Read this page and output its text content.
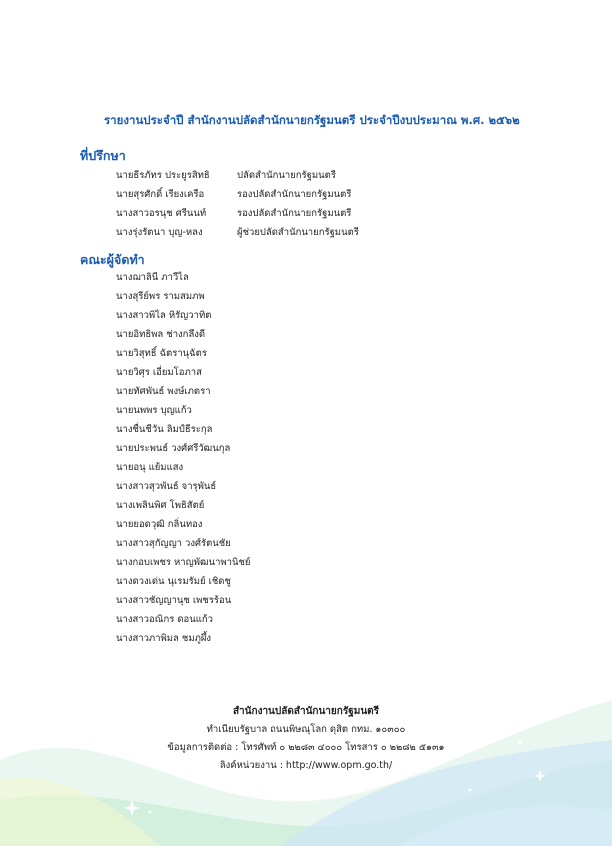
รายงานประจำปี สำนักงานปลัดสำนักนายกรัฐมนตรี ประจำปีงบประมาณ พ.ศ. ๒๕๖๒
ที่ปรึกษา
นายธีรภัทร ประยูรสิทธิ	ปลัดสำนักนายกรัฐมนตรี
นายสุรศักดิ์ เรียงเครือ	รองปลัดสำนักนายกรัฐมนตรี
นางสาวอรนุช ศรีนนท์	รองปลัดสำนักนายกรัฐมนตรี
นางรุ่งรัตนา บุญ-หลง	ผู้ช่วยปลัดสำนักนายกรัฐมนตรี
คณะผู้จัดทำ
นางฌาลินี ภาวีไล
นางสุรีย์พร รามสมภพ
นางสาวพิไล หิรัญวาทิต
นายอิทธิพล ช่างกลึงดี
นายวิสุทธิ์ ฉัตรานุฉัตร
นายวิศุร เอี่ยมโอภาส
นายทัศพันธ์ พงษ์เภตรา
นายนพพร บุญแก้ว
นางชื่นชีวัน ลิมป์ธีระกุล
นายประพนธ์ วงศ์ศรีวัฒนกุล
นายอนุ แย้มแสง
นางสาวสุวพันธ์ จารุพันธ์
นางเพลินพิศ โพธิสัตย์
นายยอดวุฒิ กลิ่นทอง
นางสาวสุกัญญา วงศ์รัตนชัย
นางกอบเพชร หาญพัฒนาพานิชย์
นางดวงเด่น นุเรมรัมย์ เชิดชู
นางสาวชัญญานุช เพชรร้อน
นางสาวอณิกร ดอนแก้ว
นางสาวภาพิมล ชมภูผึ้ง
สำนักงานปลัดสำนักนายกรัฐมนตรี
ทำเนียบรัฐบาล ถนนพิษณุโลก ดุสิต กทม. ๑๐๓๐๐
ข้อมูลการติดต่อ : โทรศัพท์ ๐ ๒๒๘๓ ๔๐๐๐ โทรสาร ๐ ๒๒๘๒ ๕๑๓๑
ลิงค์หน่วยงาน : http://www.opm.go.th/
